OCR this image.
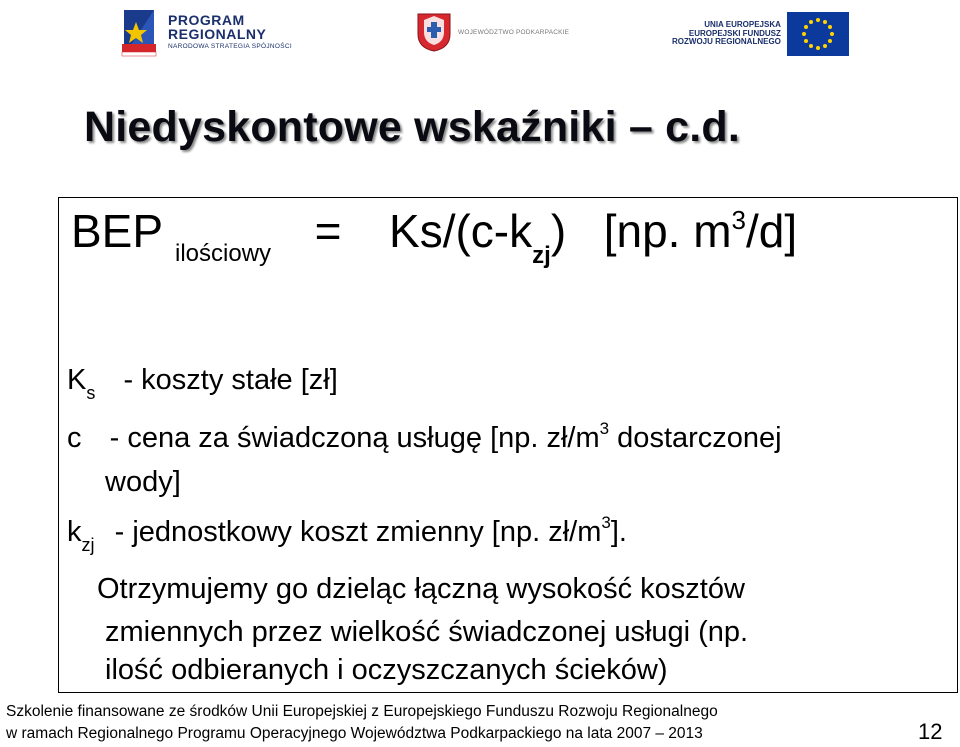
PROGRAM
REGIONALNY
NARODOWA STRATEGIA SPÓJNOŚCI
WOJEWÓDZTWO PODKARPACKIE
UNIA EUROPEJSKA
EUROPEJSKI FUNDUSZ
ROZWOJU REGIONALNEGO
Niedyskontowe wskaźniki – c.d.
BEP $_{ilościowy} = Ks/(c-k_{zj})$ [np. $m^3/d$]
$K_s$ - koszty stałe [zł]
c - cena za świadczoną usługę [np. $zł/m^3$ dostarczonej
wody]
$k_{zj}$ - jednostkowy koszt zmienny [np. $zł/m^3$].
Otrzymujemy go dzieląc łączną wysokość kosztów
zmiennych przez wielkość świadczonej usługi (np.
ilość odbieranych i oczyszczanych ścieków)
Szkolenie finansowane ze środków Unii Europejskiej z Europejskiego Funduszu Rozwoju Regionalnego
w ramach Regionalnego Programu Operacyjnego Województwa Podkarpackiego na lata 2007 – 2013	12
